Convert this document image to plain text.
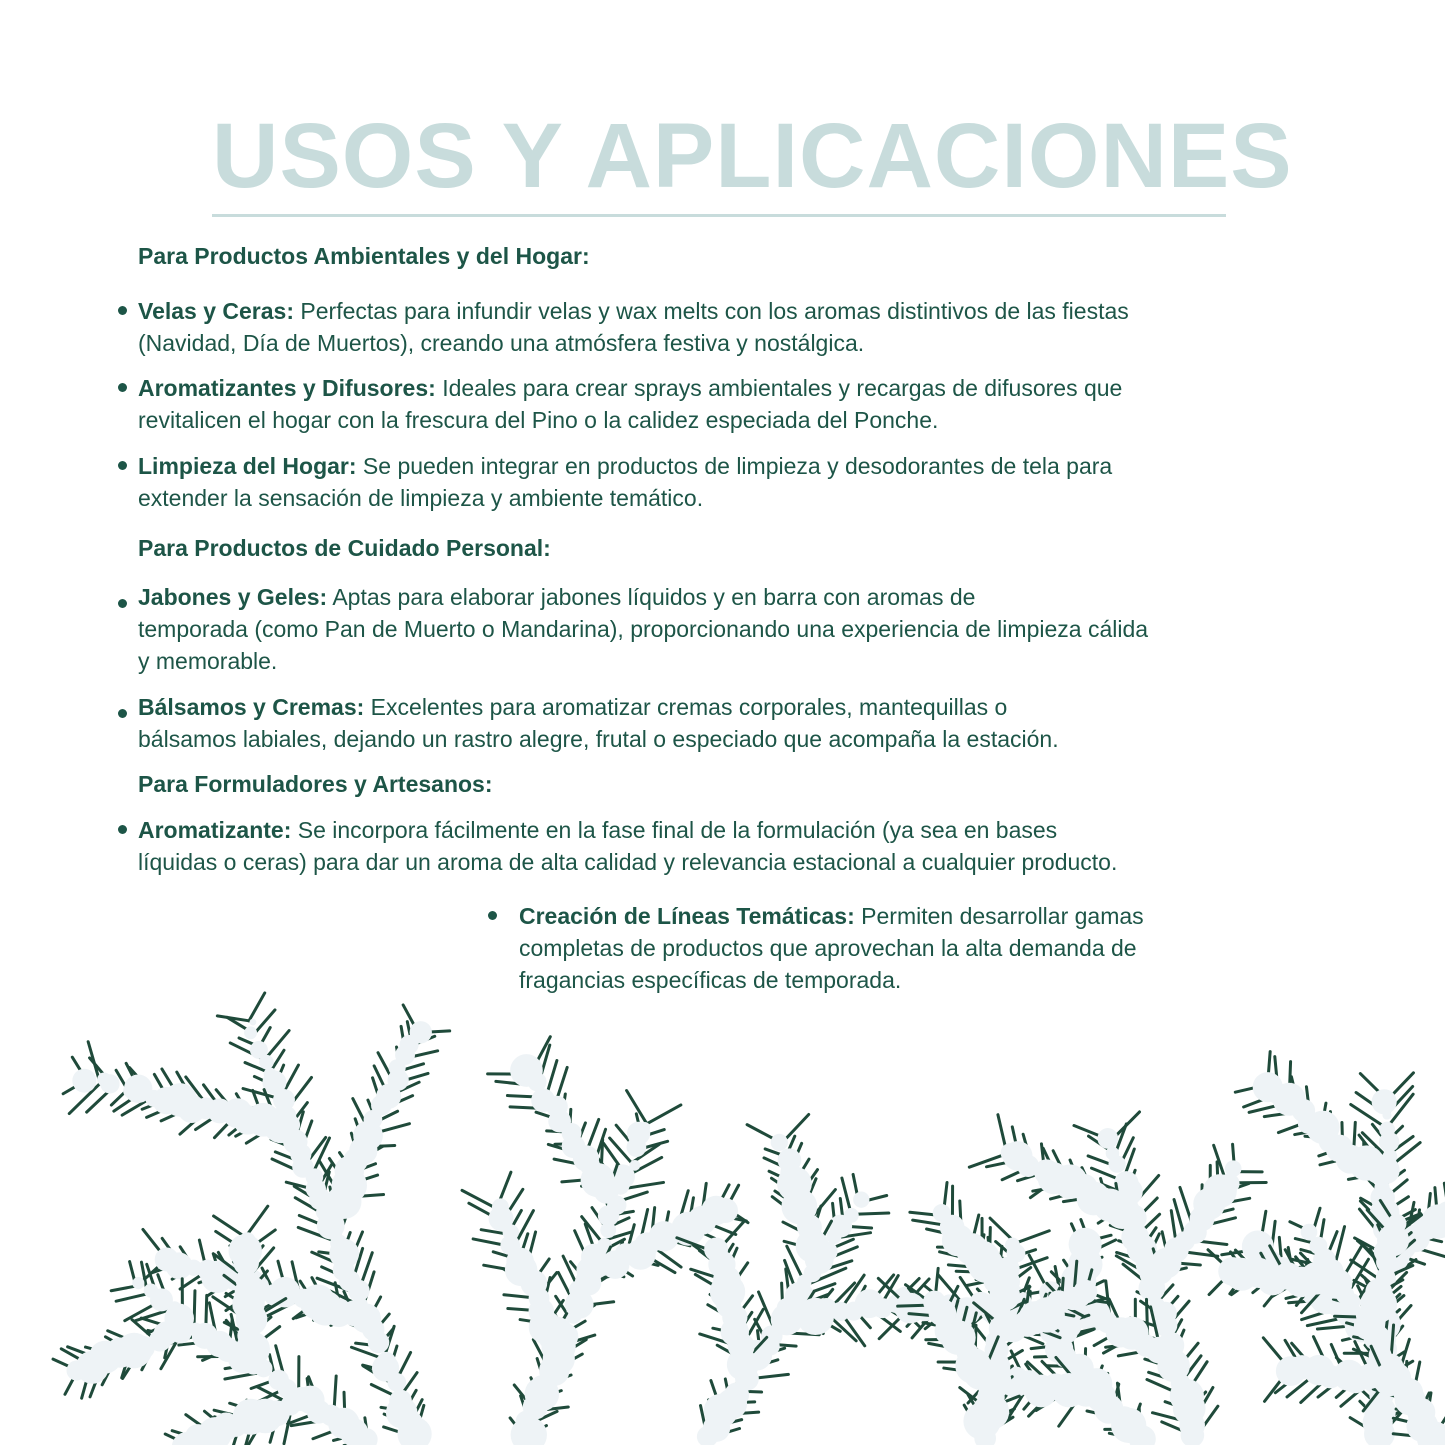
USOS Y APLICACIONES

Para Productos Ambientales y del Hogar:

Velas y Ceras: Perfectas para infundir velas y wax melts con los aromas distintivos de las fiestas
(Navidad, Día de Muertos), creando una atmósfera festiva y nostálgica.
Aromatizantes y Difusores: Ideales para crear sprays ambientales y recargas de difusores que
revitalicen el hogar con la frescura del Pino o la calidez especiada del Ponche.
Limpieza del Hogar: Se pueden integrar en productos de limpieza y desodorantes de tela para
extender la sensación de limpieza y ambiente temático.

Para Productos de Cuidado Personal:

Jabones y Geles: Aptas para elaborar jabones líquidos y en barra con aromas de
temporada (como Pan de Muerto o Mandarina), proporcionando una experiencia de limpieza cálida
y memorable.
Bálsamos y Cremas: Excelentes para aromatizar cremas corporales, mantequillas o
bálsamos labiales, dejando un rastro alegre, frutal o especiado que acompaña la estación.

Para Formuladores y Artesanos:

Aromatizante: Se incorpora fácilmente en la fase final de la formulación (ya sea en bases
líquidas o ceras) para dar un aroma de alta calidad y relevancia estacional a cualquier producto.
Creación de Líneas Temáticas: Permiten desarrollar gamas
completas de productos que aprovechan la alta demanda de
fragancias específicas de temporada.
